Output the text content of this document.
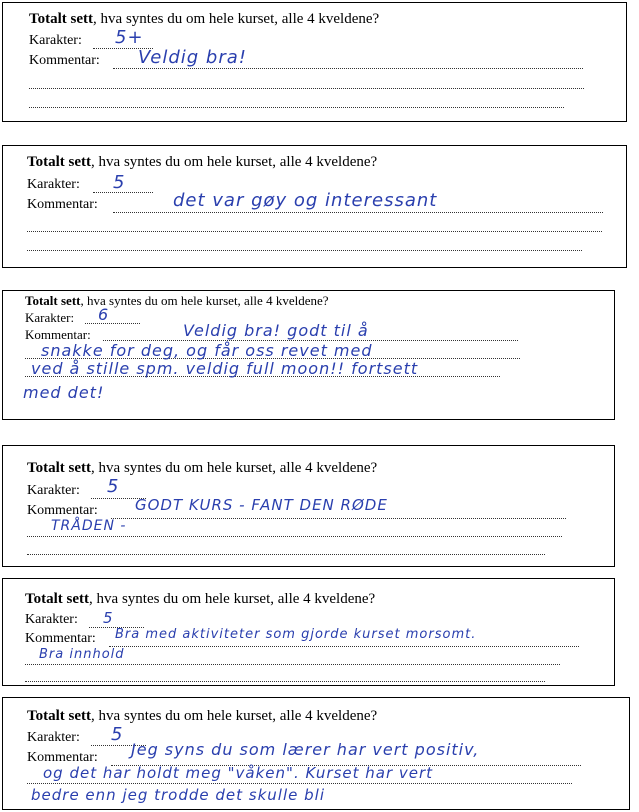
Totalt sett, hva syntes du om hele kurset, alle 4 kveldene?
Karakter: 5+
Kommentar: Veldig bra!
Totalt sett, hva syntes du om hele kurset, alle 4 kveldene?
Karakter: 5
Kommentar:	det var gøy og interessant
Totalt sett, hva syntes du om hele kurset, alle 4 kveldene?
Karakter: 6
Kommentar:	Veldig bra! godt til å
snakke for deg, og får oss revet med
ved å stille spm. veldig full moon!! fortsett
med det!
Totalt sett, hva syntes du om hele kurset, alle 4 kveldene?
Karakter: 5
Kommentar: GODT KURS - FANT DEN RØDE
TRÅDEN -
Totalt sett, hva syntes du om hele kurset, alle 4 kveldene?
Karakter: 5
Kommentar: Bra med aktiviteter som gjorde kurset morsomt.
Bra innhold
Totalt sett, hva syntes du om hele kurset, alle 4 kveldene?
Karakter: 5
Kommentar: Jeg syns du som lærer har vert positiv,
og det har holdt meg "våken". Kurset har vert
bedre enn jeg trodde det skulle bli
